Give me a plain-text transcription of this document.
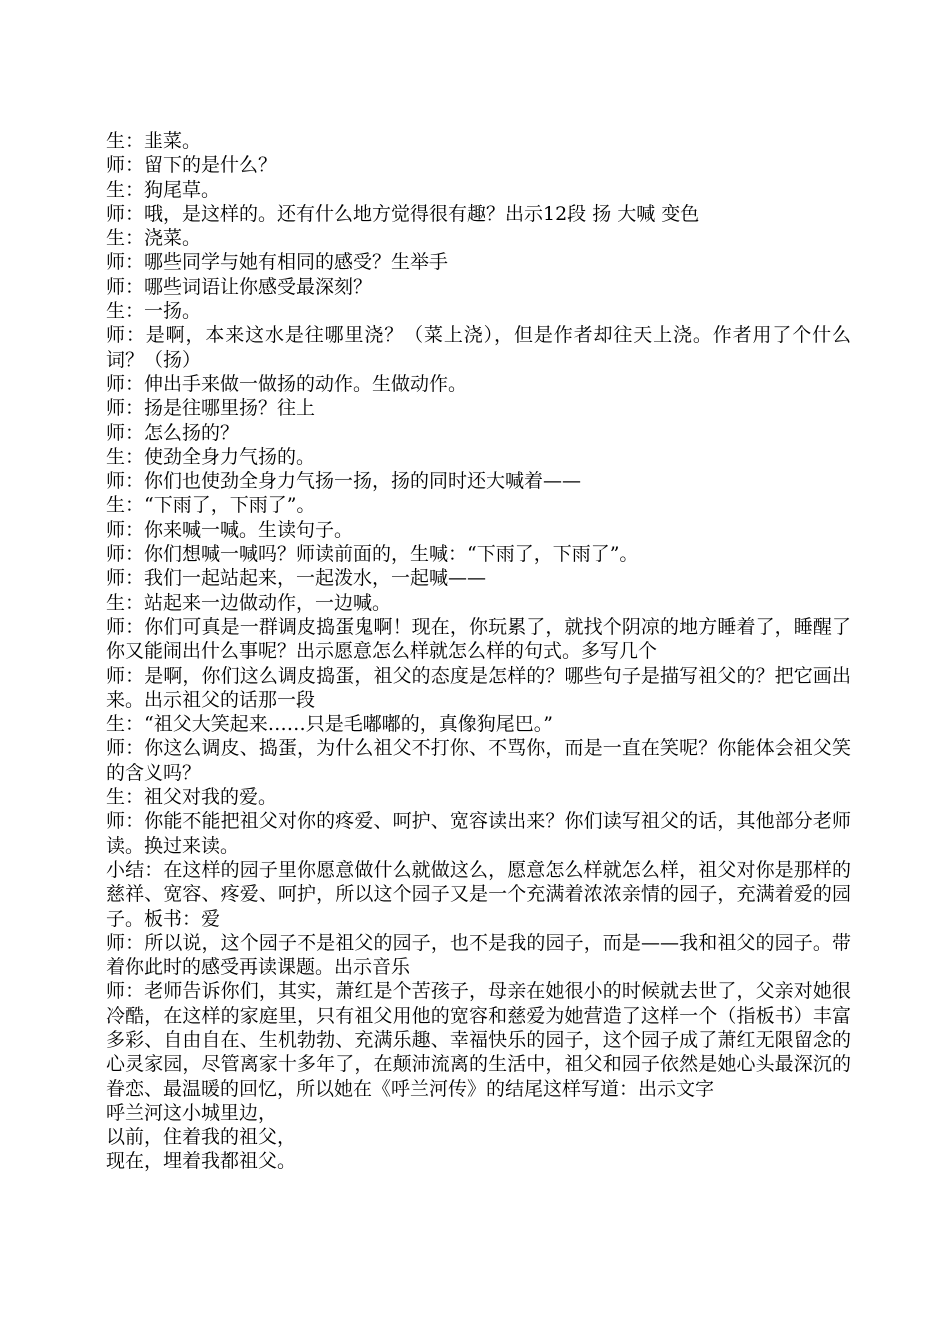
生：韭菜。

师：留下的是什么？

生：狗尾草。

师：哦，是这样的。还有什么地方觉得很有趣？出示12段 扬 大喊 变色

生：浇菜。

师：哪些同学与她有相同的感受？生举手

师：哪些词语让你感受最深刻？

生：一扬。

师：是啊，本来这水是往哪里浇？（菜上浇），但是作者却往天上浇。作者用了个什么词？（扬）

师：伸出手来做一做扬的动作。生做动作。

师：扬是往哪里扬？往上

师：怎么扬的？

生：使劲全身力气扬的。

师：你们也使劲全身力气扬一扬，扬的同时还大喊着——

生：“下雨了，下雨了”。

师：你来喊一喊。生读句子。

师：你们想喊一喊吗？师读前面的，生喊：“下雨了，下雨了”。

师：我们一起站起来，一起泼水，一起喊——

生：站起来一边做动作，一边喊。

师：你们可真是一群调皮捣蛋鬼啊！现在，你玩累了，就找个阴凉的地方睡着了，睡醒了你又能闹出什么事呢？出示愿意怎么样就怎么样的句式。多写几个

师：是啊，你们这么调皮捣蛋，祖父的态度是怎样的？哪些句子是描写祖父的？把它画出来。出示祖父的话那一段

生：“祖父大笑起来……只是毛嘟嘟的，真像狗尾巴。”

师：你这么调皮、捣蛋，为什么祖父不打你、不骂你，而是一直在笑呢？你能体会祖父笑的含义吗？

生：祖父对我的爱。

师：你能不能把祖父对你的疼爱、呵护、宽容读出来？你们读写祖父的话，其他部分老师读。换过来读。

小结：在这样的园子里你愿意做什么就做这么，愿意怎么样就怎么样，祖父对你是那样的慈祥、宽容、疼爱、呵护，所以这个园子又是一个充满着浓浓亲情的园子，充满着爱的园子。板书：爱

师：所以说，这个园子不是祖父的园子，也不是我的园子，而是——我和祖父的园子。带着你此时的感受再读课题。出示音乐

师：老师告诉你们，其实，萧红是个苦孩子，母亲在她很小的时候就去世了，父亲对她很冷酷，在这样的家庭里，只有祖父用他的宽容和慈爱为她营造了这样一个（指板书）丰富多彩、自由自在、生机勃勃、充满乐趣、幸福快乐的园子，这个园子成了萧红无限留念的心灵家园，尽管离家十多年了，在颠沛流离的生活中，祖父和园子依然是她心头最深沉的眷恋、最温暖的回忆，所以她在《呼兰河传》的结尾这样写道：出示文字

呼兰河这小城里边，

以前，住着我的祖父，

现在，埋着我都祖父。
